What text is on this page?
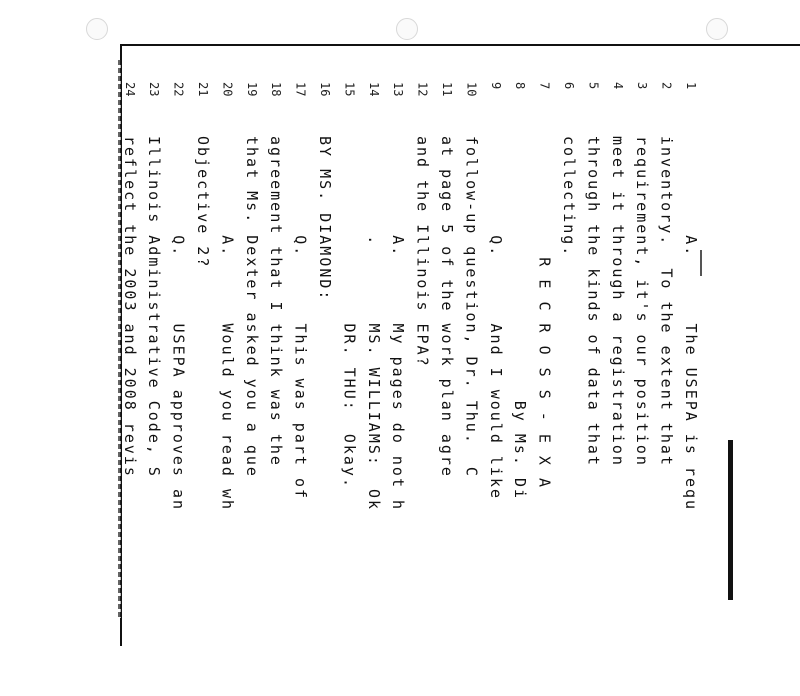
1
A.      The USEPA is requ
2
inventory.  To the extent that
3
requirement, it's our position
4
meet it through a registration
5
through the kinds of data that
6
collecting.
7
R E C R O S S - E X A
8
By Ms. Di
9
Q.      And I would like
10
follow-up question, Dr. Thu.  C
11
at page 5 of the work plan agre
12
and the Illinois EPA?
13
A.      My pages do not h
14
.       MS. WILLIAMS:  Ok
15
DR. THU:  Okay.
16
BY MS. DIAMOND:
17
Q.      This was part of
18
agreement that I think was the
19
that Ms. Dexter asked you a que
20
A.      Would you read wh
21
Objective 2?
22
Q.      USEPA approves an
23
Illinois Administrative Code, S
24
reflect the 2003 and 2008 revis
